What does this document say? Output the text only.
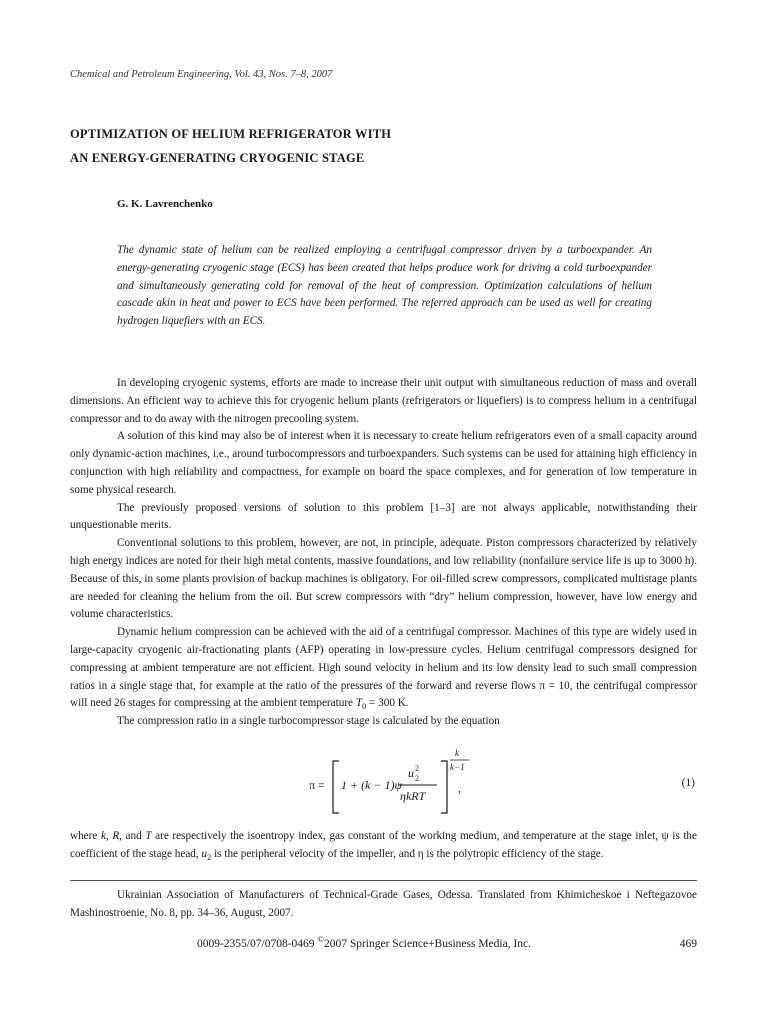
Chemical and Petroleum Engineering, Vol. 43, Nos. 7–8, 2007
OPTIMIZATION OF HELIUM REFRIGERATOR WITH
AN ENERGY-GENERATING CRYOGENIC STAGE
G. K. Lavrenchenko
The dynamic state of helium can be realized employing a centrifugal compressor driven by a turboexpander. An energy-generating cryogenic stage (ECS) has been created that helps produce work for driving a cold turboexpander and simultaneously generating cold for removal of the heat of compression. Optimization calculations of helium cascade akin in heat and power to ECS have been performed. The referred approach can be used as well for creating hydrogen liquefiers with an ECS.

In developing cryogenic systems, efforts are made to increase their unit output with simultaneous reduction of mass and overall dimensions. An efficient way to achieve this for cryogenic helium plants (refrigerators or liquefiers) is to compress helium in a centrifugal compressor and to do away with the nitrogen precooling system.

A solution of this kind may also be of interest when it is necessary to create helium refrigerators even of a small capacity around only dynamic-action machines, i.e., around turbocompressors and turboexpanders. Such systems can be used for attaining high efficiency in conjunction with high reliability and compactness, for example on board the space complexes, and for generation of low temperature in some physical research.

The previously proposed versions of solution to this problem [1–3] are not always applicable, notwithstanding their unquestionable merits.

Conventional solutions to this problem, however, are not, in principle, adequate. Piston compressors characterized by relatively high energy indices are noted for their high metal contents, massive foundations, and low reliability (nonfailure service life is up to 3000 h). Because of this, in some plants provision of backup machines is obligatory. For oil-filled screw compressors, complicated multistage plants are needed for cleaning the helium from the oil. But screw compressors with “dry” helium compression, however, have low energy and volume characteristics.

Dynamic helium compression can be achieved with the aid of a centrifugal compressor. Machines of this type are widely used in large-capacity cryogenic air-fractionating plants (AFP) operating in low-pressure cycles. Helium centrifugal compressors designed for compressing at ambient temperature are not efficient. High sound velocity in helium and its low density lead to such small compression ratios in a single stage that, for example at the ratio of the pressures of the forward and reverse flows π = 10, the centrifugal compressor will need 26 stages for compressing at the ambient temperature $T_0 = 300$ K.

The compression ratio in a single turbocompressor stage is calculated by the equation

π = 1 + (k − 1)ψ
u 2
2
ηkRT
k
k−1
,	(1)

where k, R, and T are respectively the isoentropy index, gas constant of the working medium, and temperature at the stage inlet, ψ is the coefficient of the stage head, $u_2$ is the peripheral velocity of the impeller, and η is the polytropic efficiency of the stage.

Ukrainian Association of Manufacturers of Technical-Grade Gases, Odessa. Translated from Khimicheskoe i Neftegazovoe Mashinostroenie, No. 8, pp. 34–36, August, 2007.

0009-2355/07/0708-0469 ©2007 Springer Science+Business Media, Inc.	469
